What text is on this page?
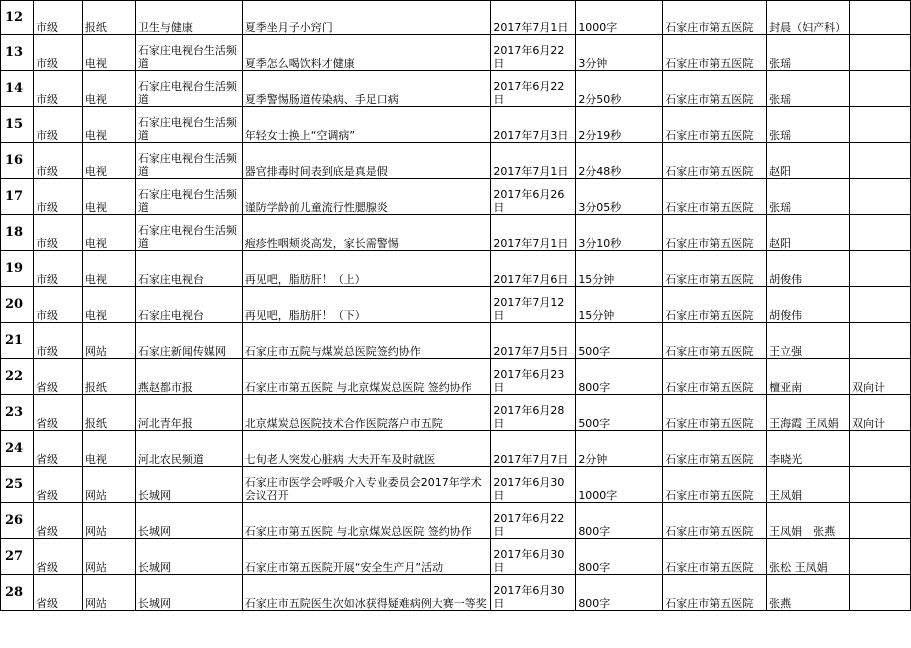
12	市级	报纸	卫生与健康	夏季坐月子小窍门	2017年7月1日	1000字	石家庄市第五医院	封晨（妇产科）	
13	市级	电视	石家庄电视台生活频道	夏季怎么喝饮料才健康	2017年6月22日	3分钟	石家庄市第五医院	张瑶	
14	市级	电视	石家庄电视台生活频道	夏季警惕肠道传染病、手足口病	2017年6月22日	2分50秒	石家庄市第五医院	张瑶	
15	市级	电视	石家庄电视台生活频道	年轻女士换上“空调病”	2017年7月3日	2分19秒	石家庄市第五医院	张瑶	
16	市级	电视	石家庄电视台生活频道	器官排毒时间表到底是真是假	2017年7月1日	2分48秒	石家庄市第五医院	赵阳	
17	市级	电视	石家庄电视台生活频道	谨防学龄前儿童流行性腮腺炎	2017年6月26日	3分05秒	石家庄市第五医院	张瑶	
18	市级	电视	石家庄电视台生活频道	疱疹性咽颊炎高发，家长需警惕	2017年7月1日	3分10秒	石家庄市第五医院	赵阳	
19	市级	电视	石家庄电视台	再见吧，脂肪肝！（上）	2017年7月6日	15分钟	石家庄市第五医院	胡俊伟	
20	市级	电视	石家庄电视台	再见吧，脂肪肝！（下）	2017年7月12日	15分钟	石家庄市第五医院	胡俊伟	
21	市级	网站	石家庄新闻传媒网	石家庄市五院与煤炭总医院签约协作	2017年7月5日	500字	石家庄市第五医院	王立强	
22	省级	报纸	燕赵都市报	石家庄市第五医院 与北京煤炭总医院 签约协作	2017年6月23日	800字	石家庄市第五医院	檀亚南	双向计
23	省级	报纸	河北青年报	北京煤炭总医院技术合作医院落户市五院	2017年6月28日	500字	石家庄市第五医院	王海霞 王凤娟	双向计
24	省级	电视	河北农民频道	七旬老人突发心脏病 大夫开车及时就医	2017年7月7日	2分钟	石家庄市第五医院	李晓光	
25	省级	网站	长城网	石家庄市医学会呼吸介入专业委员会2017年学术会议召开	2017年6月30日	1000字	石家庄市第五医院	王凤娟	
26	省级	网站	长城网	石家庄市第五医院 与北京煤炭总医院 签约协作	2017年6月22日	800字	石家庄市第五医院	王凤娟　张燕	
27	省级	网站	长城网	石家庄市第五医院开展“安全生产月”活动	2017年6月30日	800字	石家庄市第五医院	张松 王凤娟	
28	省级	网站	长城网	石家庄市五院医生次如冰获得疑难病例大赛一等奖	2017年6月30日	800字	石家庄市第五医院	张燕	
